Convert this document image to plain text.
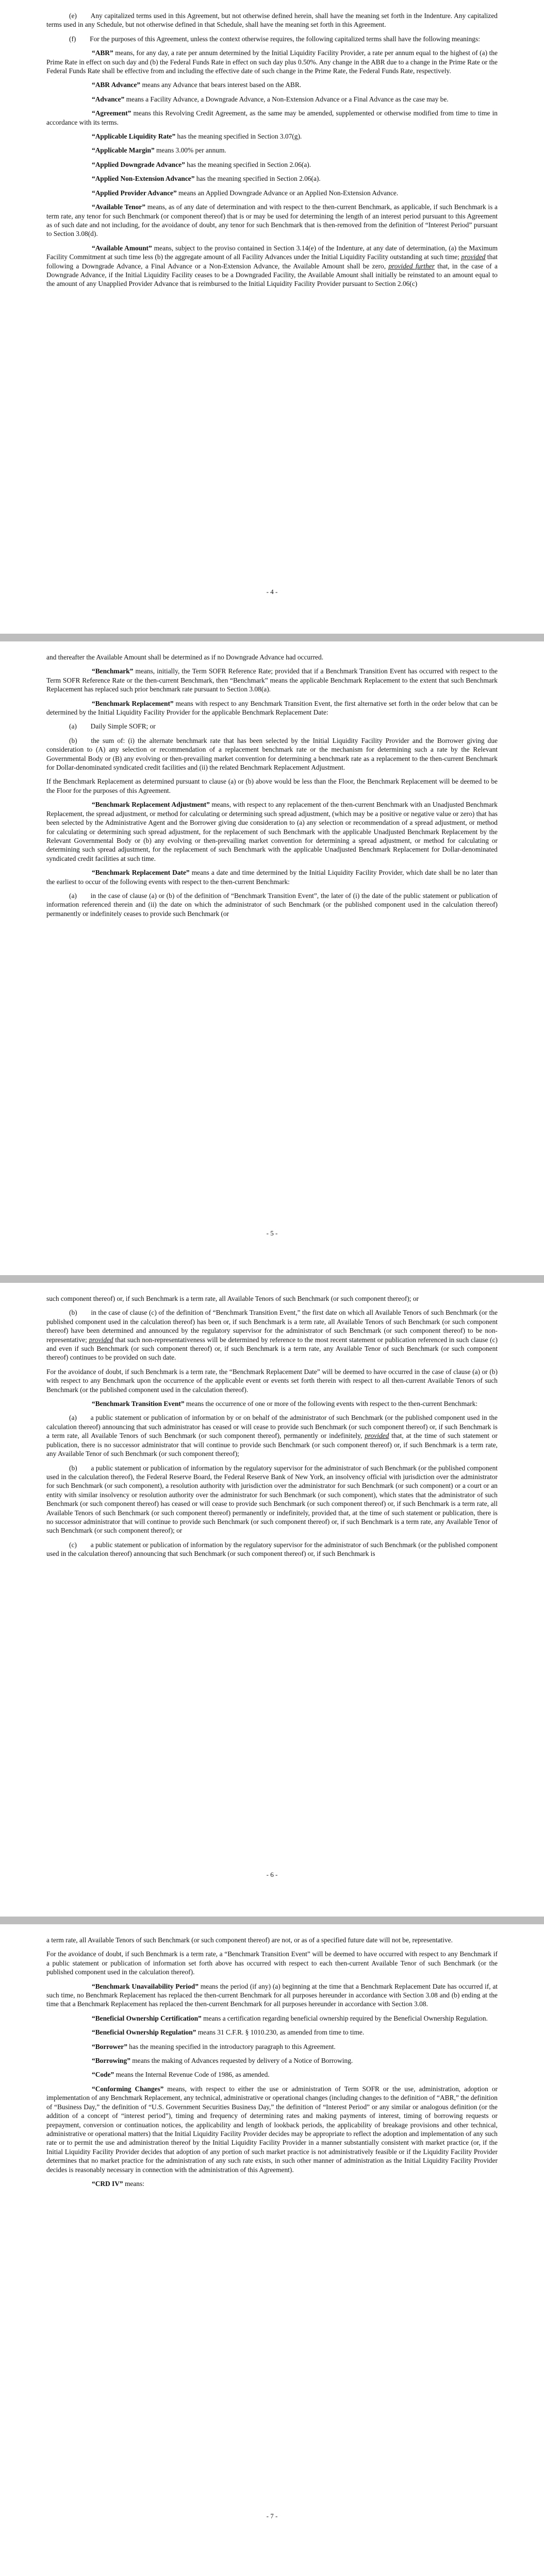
(e)  Any capitalized terms used in this Agreement, but not otherwise defined herein, shall have the meaning set forth in the Indenture. Any capitalized terms used in any Schedule, but not otherwise defined in that Schedule, shall have the meaning set forth in this Agreement.

(f)  For the purposes of this Agreement, unless the context otherwise requires, the following capitalized terms shall have the following meanings:

“ABR” means, for any day, a rate per annum determined by the Initial Liquidity Facility Provider, a rate per annum equal to the highest of (a) the Prime Rate in effect on such day and (b) the Federal Funds Rate in effect on such day plus 0.50%. Any change in the ABR due to a change in the Prime Rate or the Federal Funds Rate shall be effective from and including the effective date of such change in the Prime Rate, the Federal Funds Rate, respectively.

“ABR Advance” means any Advance that bears interest based on the ABR.

“Advance” means a Facility Advance, a Downgrade Advance, a Non-Extension Advance or a Final Advance as the case may be.

“Agreement” means this Revolving Credit Agreement, as the same may be amended, supplemented or otherwise modified from time to time in accordance with its terms.

“Applicable Liquidity Rate” has the meaning specified in Section 3.07(g).

“Applicable Margin” means 3.00% per annum.

“Applied Downgrade Advance” has the meaning specified in Section 2.06(a).

“Applied Non-Extension Advance” has the meaning specified in Section 2.06(a).

“Applied Provider Advance” means an Applied Downgrade Advance or an Applied Non-Extension Advance.

“Available Tenor” means, as of any date of determination and with respect to the then-current Benchmark, as applicable, if such Benchmark is a term rate, any tenor for such Benchmark (or component thereof) that is or may be used for determining the length of an interest period pursuant to this Agreement as of such date and not including, for the avoidance of doubt, any tenor for such Benchmark that is then-removed from the definition of “Interest Period” pursuant to Section 3.08(d).

“Available Amount” means, subject to the proviso contained in Section 3.14(e) of the Indenture, at any date of determination, (a) the Maximum Facility Commitment at such time less (b) the aggregate amount of all Facility Advances under the Initial Liquidity Facility outstanding at such time; provided that following a Downgrade Advance, a Final Advance or a Non-Extension Advance, the Available Amount shall be zero, provided further that, in the case of a Downgrade Advance, if the Initial Liquidity Facility ceases to be a Downgraded Facility, the Available Amount shall initially be reinstated to an amount equal to the amount of any Unapplied Provider Advance that is reimbursed to the Initial Liquidity Facility Provider pursuant to Section 2.06(c)

- 4 -

and thereafter the Available Amount shall be determined as if no Downgrade Advance had occurred.

“Benchmark” means, initially, the Term SOFR Reference Rate; provided that if a Benchmark Transition Event has occurred with respect to the Term SOFR Reference Rate or the then-current Benchmark, then “Benchmark” means the applicable Benchmark Replacement to the extent that such Benchmark Replacement has replaced such prior benchmark rate pursuant to Section 3.08(a).

“Benchmark Replacement” means with respect to any Benchmark Transition Event, the first alternative set forth in the order below that can be determined by the Initial Liquidity Facility Provider for the applicable Benchmark Replacement Date:

(a)  Daily Simple SOFR; or

(b)  the sum of: (i) the alternate benchmark rate that has been selected by the Initial Liquidity Facility Provider and the Borrower giving due consideration to (A) any selection or recommendation of a replacement benchmark rate or the mechanism for determining such a rate by the Relevant Governmental Body or (B) any evolving or then-prevailing market convention for determining a benchmark rate as a replacement to the then-current Benchmark for Dollar-denominated syndicated credit facilities and (ii) the related Benchmark Replacement Adjustment.

If the Benchmark Replacement as determined pursuant to clause (a) or (b) above would be less than the Floor, the Benchmark Replacement will be deemed to be the Floor for the purposes of this Agreement.

“Benchmark Replacement Adjustment” means, with respect to any replacement of the then-current Benchmark with an Unadjusted Benchmark Replacement, the spread adjustment, or method for calculating or determining such spread adjustment, (which may be a positive or negative value or zero) that has been selected by the Administrative Agent and the Borrower giving due consideration to (a) any selection or recommendation of a spread adjustment, or method for calculating or determining such spread adjustment, for the replacement of such Benchmark with the applicable Unadjusted Benchmark Replacement by the Relevant Governmental Body or (b) any evolving or then-prevailing market convention for determining a spread adjustment, or method for calculating or determining such spread adjustment, for the replacement of such Benchmark with the applicable Unadjusted Benchmark Replacement for Dollar-denominated syndicated credit facilities at such time.

“Benchmark Replacement Date” means a date and time determined by the Initial Liquidity Facility Provider, which date shall be no later than the earliest to occur of the following events with respect to the then-current Benchmark:

(a)  in the case of clause (a) or (b) of the definition of “Benchmark Transition Event”, the later of (i) the date of the public statement or publication of information referenced therein and (ii) the date on which the administrator of such Benchmark (or the published component used in the calculation thereof) permanently or indefinitely ceases to provide such Benchmark (or

- 5 -

such component thereof) or, if such Benchmark is a term rate, all Available Tenors of such Benchmark (or such component thereof); or

(b)  in the case of clause (c) of the definition of “Benchmark Transition Event,” the first date on which all Available Tenors of such Benchmark (or the published component used in the calculation thereof) has been or, if such Benchmark is a term rate, all Available Tenors of such Benchmark (or such component thereof) have been determined and announced by the regulatory supervisor for the administrator of such Benchmark (or such component thereof) to be non-representative; provided that such non-representativeness will be determined by reference to the most recent statement or publication referenced in such clause (c) and even if such Benchmark (or such component thereof) or, if such Benchmark is a term rate, any Available Tenor of such Benchmark (or such component thereof) continues to be provided on such date.

For the avoidance of doubt, if such Benchmark is a term rate, the “Benchmark Replacement Date” will be deemed to have occurred in the case of clause (a) or (b) with respect to any Benchmark upon the occurrence of the applicable event or events set forth therein with respect to all then-current Available Tenors of such Benchmark (or the published component used in the calculation thereof).

“Benchmark Transition Event” means the occurrence of one or more of the following events with respect to the then-current Benchmark:

(a)  a public statement or publication of information by or on behalf of the administrator of such Benchmark (or the published component used in the calculation thereof) announcing that such administrator has ceased or will cease to provide such Benchmark (or such component thereof) or, if such Benchmark is a term rate, all Available Tenors of such Benchmark (or such component thereof), permanently or indefinitely, provided that, at the time of such statement or publication, there is no successor administrator that will continue to provide such Benchmark (or such component thereof) or, if such Benchmark is a term rate, any Available Tenor of such Benchmark (or such component thereof);

(b)  a public statement or publication of information by the regulatory supervisor for the administrator of such Benchmark (or the published component used in the calculation thereof), the Federal Reserve Board, the Federal Reserve Bank of New York, an insolvency official with jurisdiction over the administrator for such Benchmark (or such component), a resolution authority with jurisdiction over the administrator for such Benchmark (or such component) or a court or an entity with similar insolvency or resolution authority over the administrator for such Benchmark (or such component), which states that the administrator of such Benchmark (or such component thereof) has ceased or will cease to provide such Benchmark (or such component thereof) or, if such Benchmark is a term rate, all Available Tenors of such Benchmark (or such component thereof) permanently or indefinitely, provided that, at the time of such statement or publication, there is no successor administrator that will continue to provide such Benchmark (or such component thereof) or, if such Benchmark is a term rate, any Available Tenor of such Benchmark (or such component thereof); or

(c)  a public statement or publication of information by the regulatory supervisor for the administrator of such Benchmark (or the published component used in the calculation thereof) announcing that such Benchmark (or such component thereof) or, if such Benchmark is

- 6 -

a term rate, all Available Tenors of such Benchmark (or such component thereof) are not, or as of a specified future date will not be, representative.

For the avoidance of doubt, if such Benchmark is a term rate, a “Benchmark Transition Event” will be deemed to have occurred with respect to any Benchmark if a public statement or publication of information set forth above has occurred with respect to each then-current Available Tenor of such Benchmark (or the published component used in the calculation thereof).

“Benchmark Unavailability Period” means the period (if any) (a) beginning at the time that a Benchmark Replacement Date has occurred if, at such time, no Benchmark Replacement has replaced the then-current Benchmark for all purposes hereunder in accordance with Section 3.08 and (b) ending at the time that a Benchmark Replacement has replaced the then-current Benchmark for all purposes hereunder in accordance with Section 3.08.

“Beneficial Ownership Certification” means a certification regarding beneficial ownership required by the Beneficial Ownership Regulation.

“Beneficial Ownership Regulation” means 31 C.F.R. § 1010.230, as amended from time to time.

“Borrower” has the meaning specified in the introductory paragraph to this Agreement.

“Borrowing” means the making of Advances requested by delivery of a Notice of Borrowing.

“Code” means the Internal Revenue Code of 1986, as amended.

“Conforming Changes” means, with respect to either the use or administration of Term SOFR or the use, administration, adoption or implementation of any Benchmark Replacement, any technical, administrative or operational changes (including changes to the definition of “ABR,” the definition of “Business Day,” the definition of “U.S. Government Securities Business Day,” the definition of “Interest Period” or any similar or analogous definition (or the addition of a concept of “interest period”), timing and frequency of determining rates and making payments of interest, timing of borrowing requests or prepayment, conversion or continuation notices, the applicability and length of lookback periods, the applicability of breakage provisions and other technical, administrative or operational matters) that the Initial Liquidity Facility Provider decides may be appropriate to reflect the adoption and implementation of any such rate or to permit the use and administration thereof by the Initial Liquidity Facility Provider in a manner substantially consistent with market practice (or, if the Initial Liquidity Facility Provider decides that adoption of any portion of such market practice is not administratively feasible or if the Liquidity Facility Provider determines that no market practice for the administration of any such rate exists, in such other manner of administration as the Initial Liquidity Facility Provider decides is reasonably necessary in connection with the administration of this Agreement).

“CRD IV” means:

- 7 -
